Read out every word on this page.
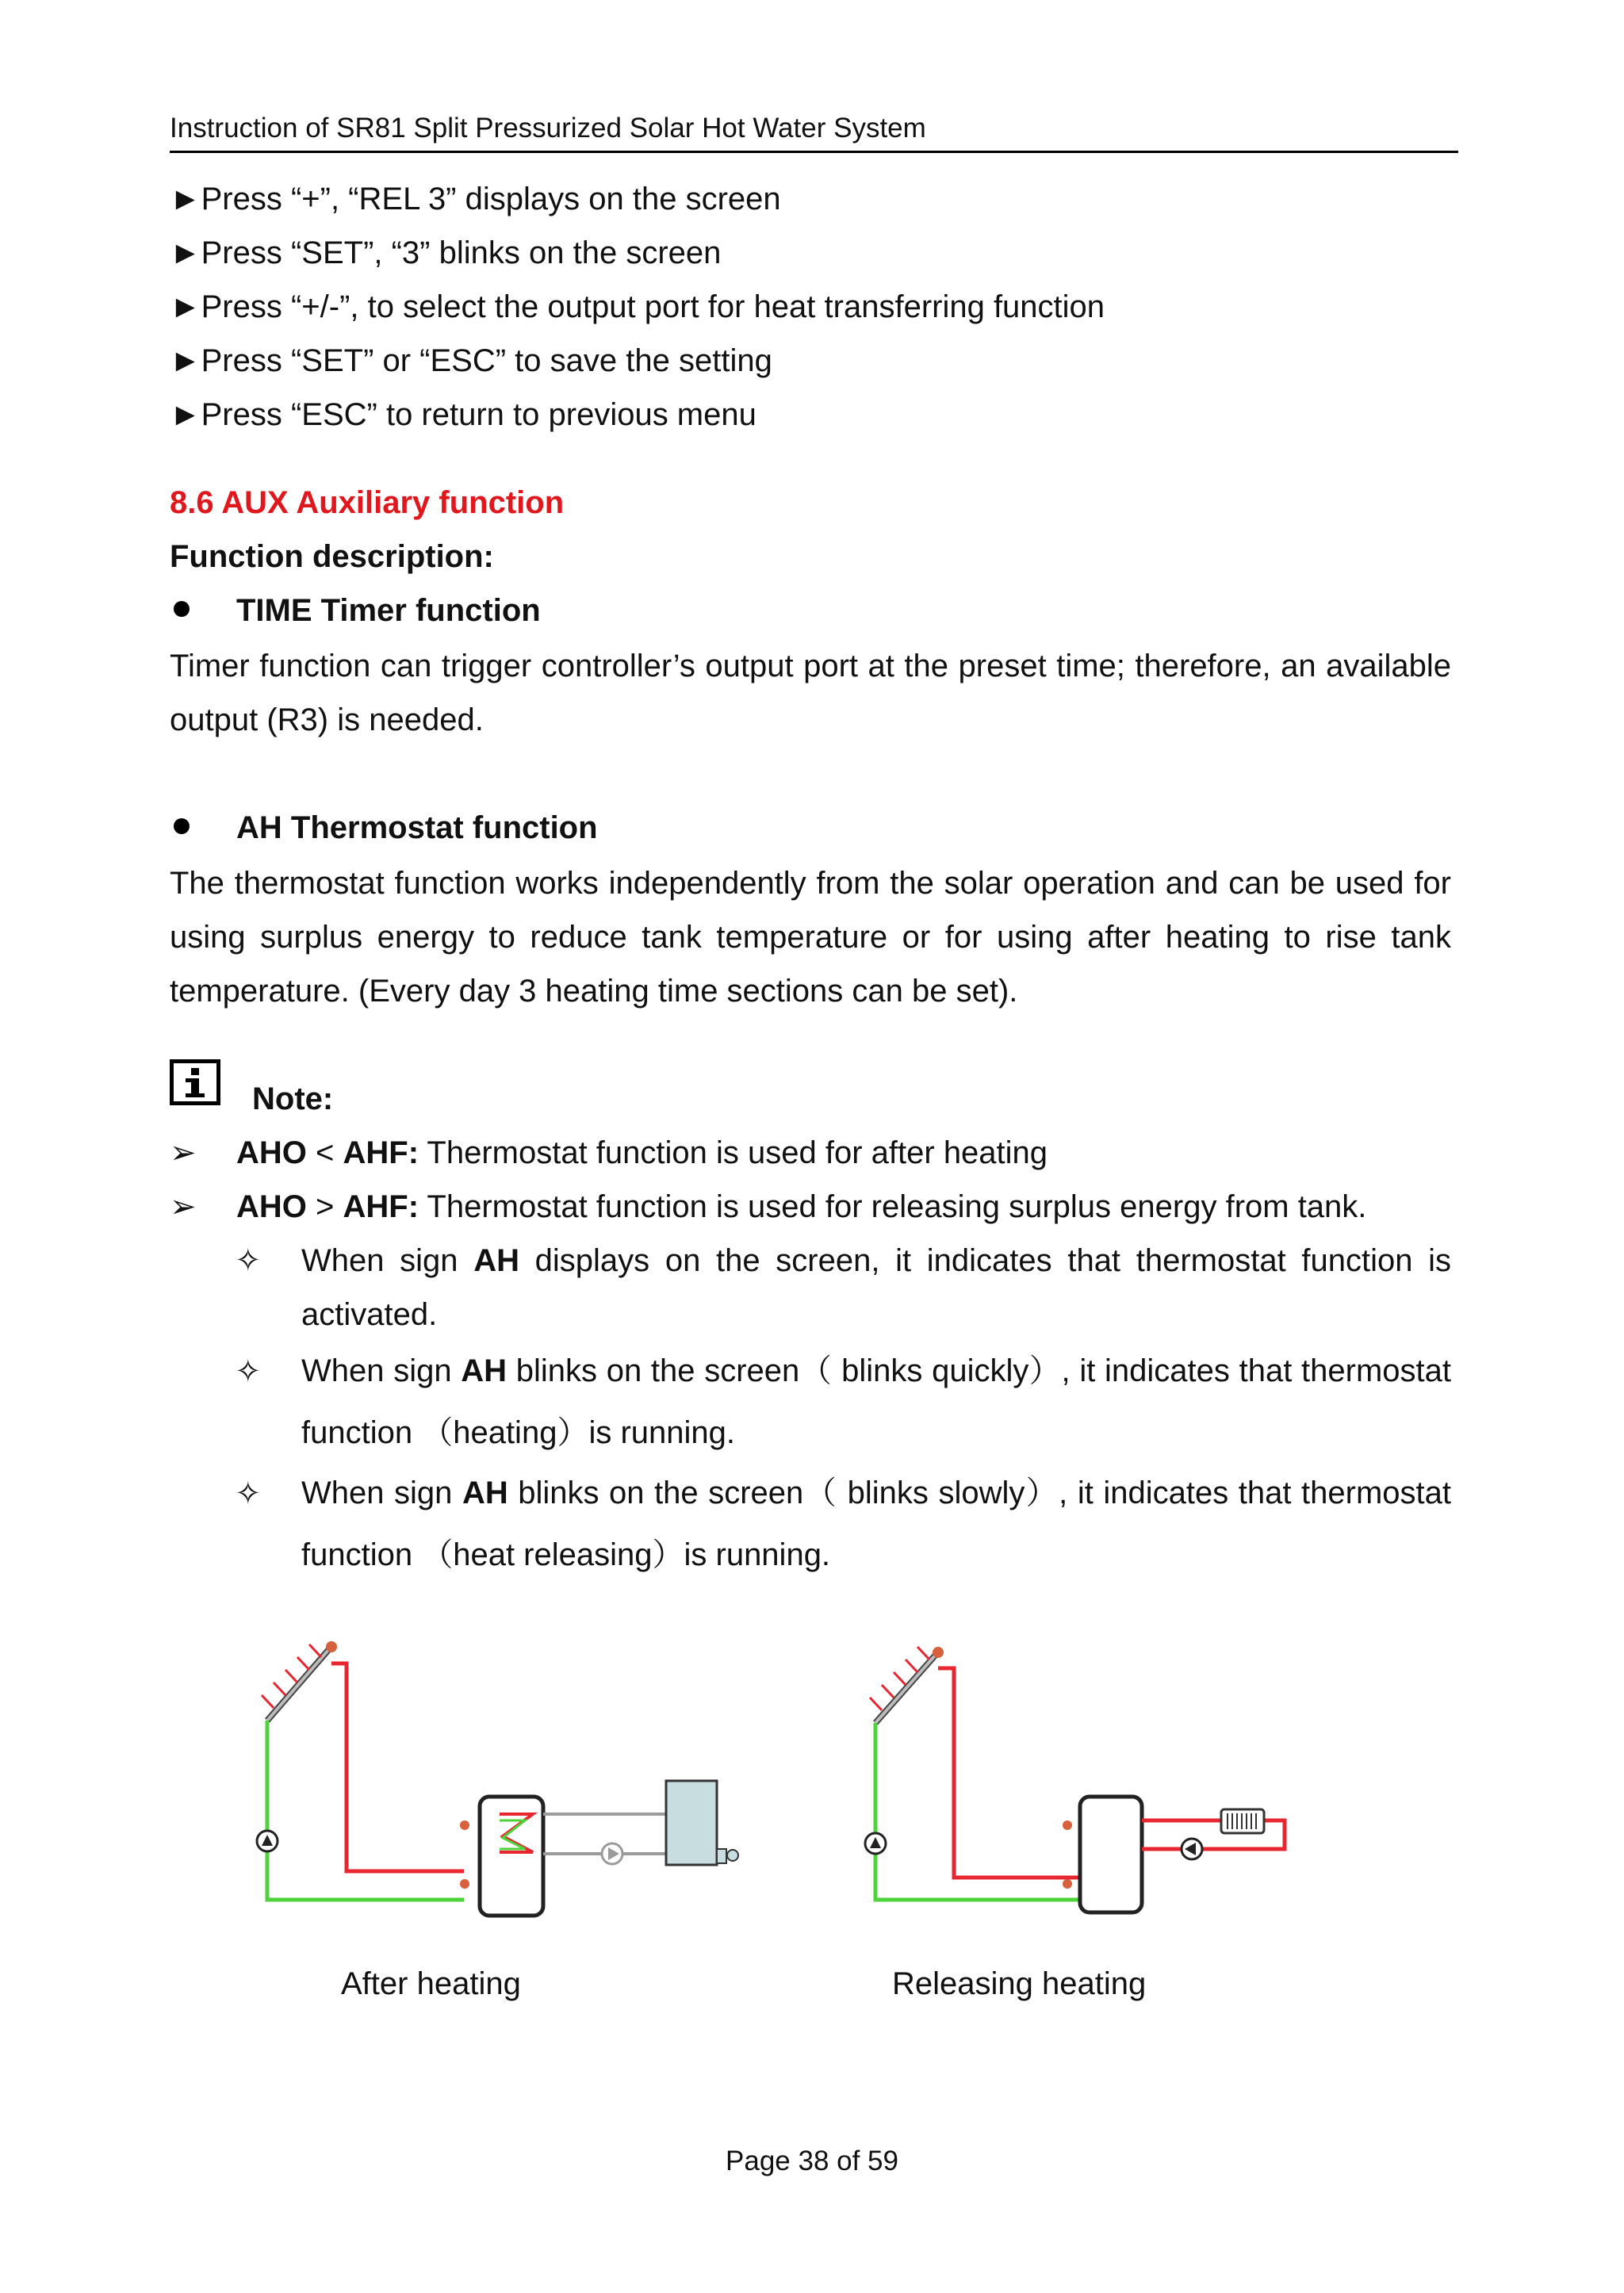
Instruction of SR81 Split Pressurized Solar Hot Water System
►Press “+”, “REL 3” displays on the screen
►Press “SET”, “3” blinks on the screen
►Press “+/-”, to select the output port for heat transferring function
►Press “SET” or “ESC” to save the setting
►Press “ESC” to return to previous menu
8.6 AUX Auxiliary function
Function description:
TIME Timer function
Timer function can trigger controller’s output port at the preset time; therefore, an available output (R3) is needed.
AH Thermostat function
The thermostat function works independently from the solar operation and can be used for using surplus energy to reduce tank temperature or for using after heating to rise tank temperature. (Every day 3 heating time sections can be set).
Note:
➢ AHO < AHF: Thermostat function is used for after heating
➢ AHO > AHF: Thermostat function is used for releasing surplus energy from tank.
✧ When sign AH displays on the screen, it indicates that thermostat function is activated.
✧ When sign AH blinks on the screen（ blinks quickly）, it indicates that thermostat function （heating）is running.
✧ When sign AH blinks on the screen（ blinks slowly）, it indicates that thermostat function （heat releasing）is running.
After heating	Releasing heating
Page 38 of 59
